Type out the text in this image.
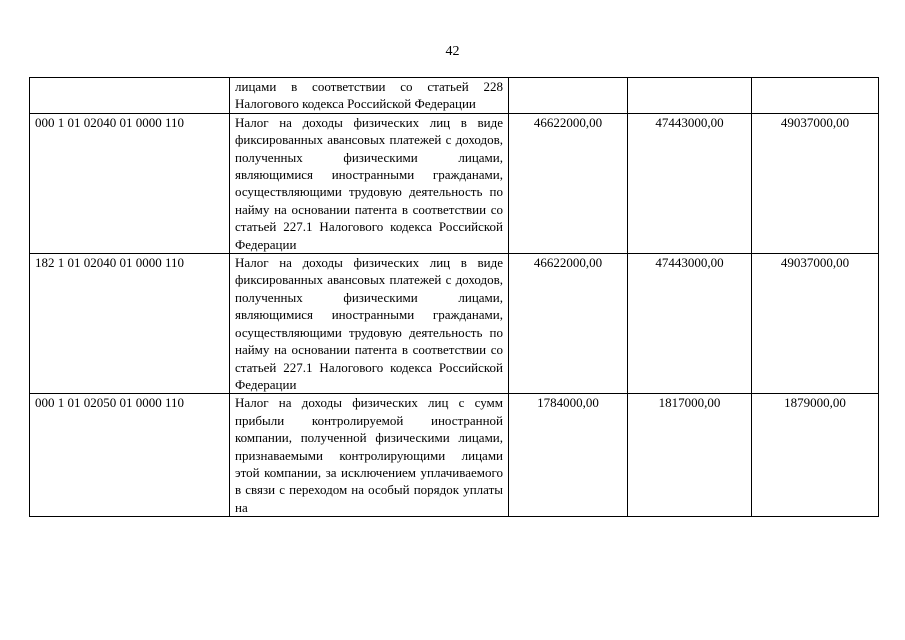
42
	лицами в соответствии со статьей 228 Налогового кодекса Российской Федерации			
000 1 01 02040 01 0000 110	Налог на доходы физических лиц в виде фиксированных авансовых платежей с доходов, полученных физическими лицами, являющимися иностранными гражданами, осуществляющими трудовую деятельность по найму на основании патента в соответствии со статьей 227.1 Налогового кодекса Российской Федерации	46622000,00	47443000,00	49037000,00
182 1 01 02040 01 0000 110	Налог на доходы физических лиц в виде фиксированных авансовых платежей с доходов, полученных физическими лицами, являющимися иностранными гражданами, осуществляющими трудовую деятельность по найму на основании патента в соответствии со статьей 227.1 Налогового кодекса Российской Федерации	46622000,00	47443000,00	49037000,00
000 1 01 02050 01 0000 110	Налог на доходы физических лиц с сумм прибыли контролируемой иностранной компании, полученной физическими лицами, признаваемыми контролирующими лицами этой компании, за исключением уплачиваемого в связи с переходом на особый порядок уплаты на	1784000,00	1817000,00	1879000,00
